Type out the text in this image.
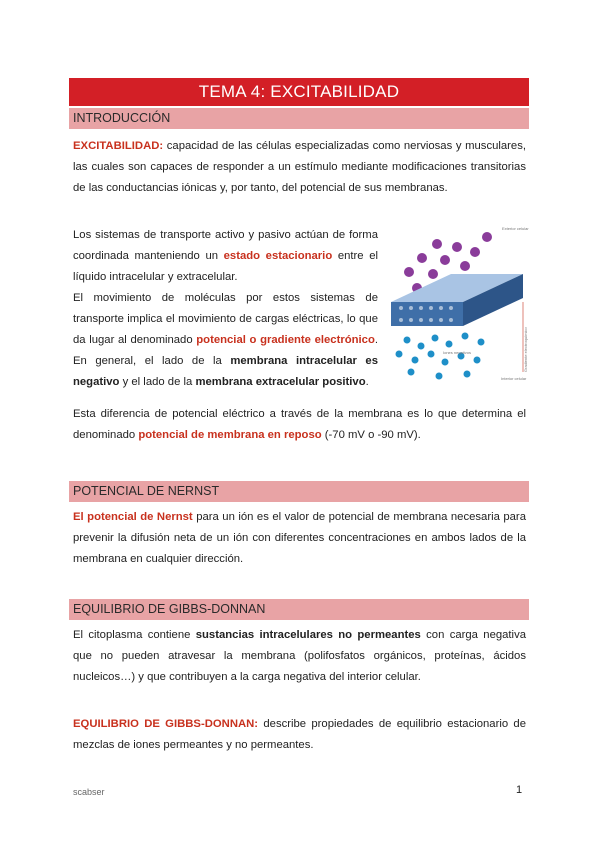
TEMA 4: EXCITABILIDAD
INTRODUCCIÓN
EXCITABILIDAD: capacidad de las células especializadas como nerviosas y musculares, las cuales son capaces de responder a un estímulo mediante modificaciones transitorias de las conductancias iónicas y, por tanto, del potencial de sus membranas.
Los sistemas de transporte activo y pasivo actúan de forma coordinada manteniendo un estado estacionario entre el líquido intracelular y extracelular.
El movimiento de moléculas por estos sistemas de transporte implica el movimiento de cargas eléctricas, lo que da lugar al denominado potencial o gradiente electrónico. En general, el lado de la membrana intracelular es negativo y el lado de la membrana extracelular positivo.
Exterior celular
Iones negativos
Interior celular
Gradiente electroquímico
Esta diferencia de potencial eléctrico a través de la membrana es lo que determina el denominado potencial de membrana en reposo (-70 mV o -90 mV).
POTENCIAL DE NERNST
El potencial de Nernst para un ión es el valor de potencial de membrana necesaria para prevenir la difusión neta de un ión con diferentes concentraciones en ambos lados de la membrana en cualquier dirección.
EQUILIBRIO DE GIBBS-DONNAN
El citoplasma contiene sustancias intracelulares no permeantes con carga negativa que no pueden atravesar la membrana (polifosfatos orgánicos, proteínas, ácidos nucleicos…) y que contribuyen a la carga negativa del interior celular.
EQUILIBRIO DE GIBBS-DONNAN: describe propiedades de equilibrio estacionario de mezclas de iones permeantes y no permeantes.
scabser	1
